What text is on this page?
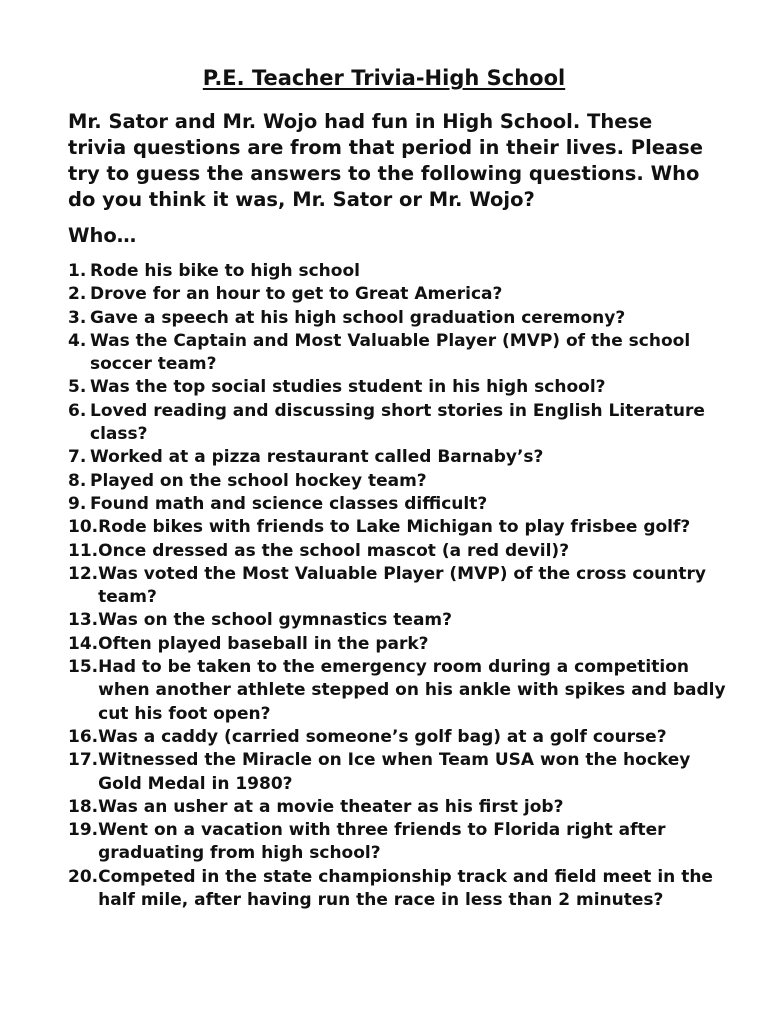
P.E. Teacher Trivia-High School
Mr. Sator and Mr. Wojo had fun in High School. These trivia questions are from that period in their lives. Please try to guess the answers to the following questions. Who do you think it was, Mr. Sator or Mr. Wojo?
Who…
1. Rode his bike to high school
2. Drove for an hour to get to Great America?
3. Gave a speech at his high school graduation ceremony?
4. Was the Captain and Most Valuable Player (MVP) of the school soccer team?
5. Was the top social studies student in his high school?
6. Loved reading and discussing short stories in English Literature class?
7. Worked at a pizza restaurant called Barnaby’s?
8. Played on the school hockey team?
9. Found math and science classes difficult?
10. Rode bikes with friends to Lake Michigan to play frisbee golf?
11. Once dressed as the school mascot (a red devil)?
12. Was voted the Most Valuable Player (MVP) of the cross country team?
13. Was on the school gymnastics team?
14. Often played baseball in the park?
15. Had to be taken to the emergency room during a competition when another athlete stepped on his ankle with spikes and badly cut his foot open?
16. Was a caddy (carried someone’s golf bag) at a golf course?
17. Witnessed the Miracle on Ice when Team USA won the hockey Gold Medal in 1980?
18. Was an usher at a movie theater as his first job?
19. Went on a vacation with three friends to Florida right after graduating from high school?
20. Competed in the state championship track and field meet in the half mile, after having run the race in less than 2 minutes?
